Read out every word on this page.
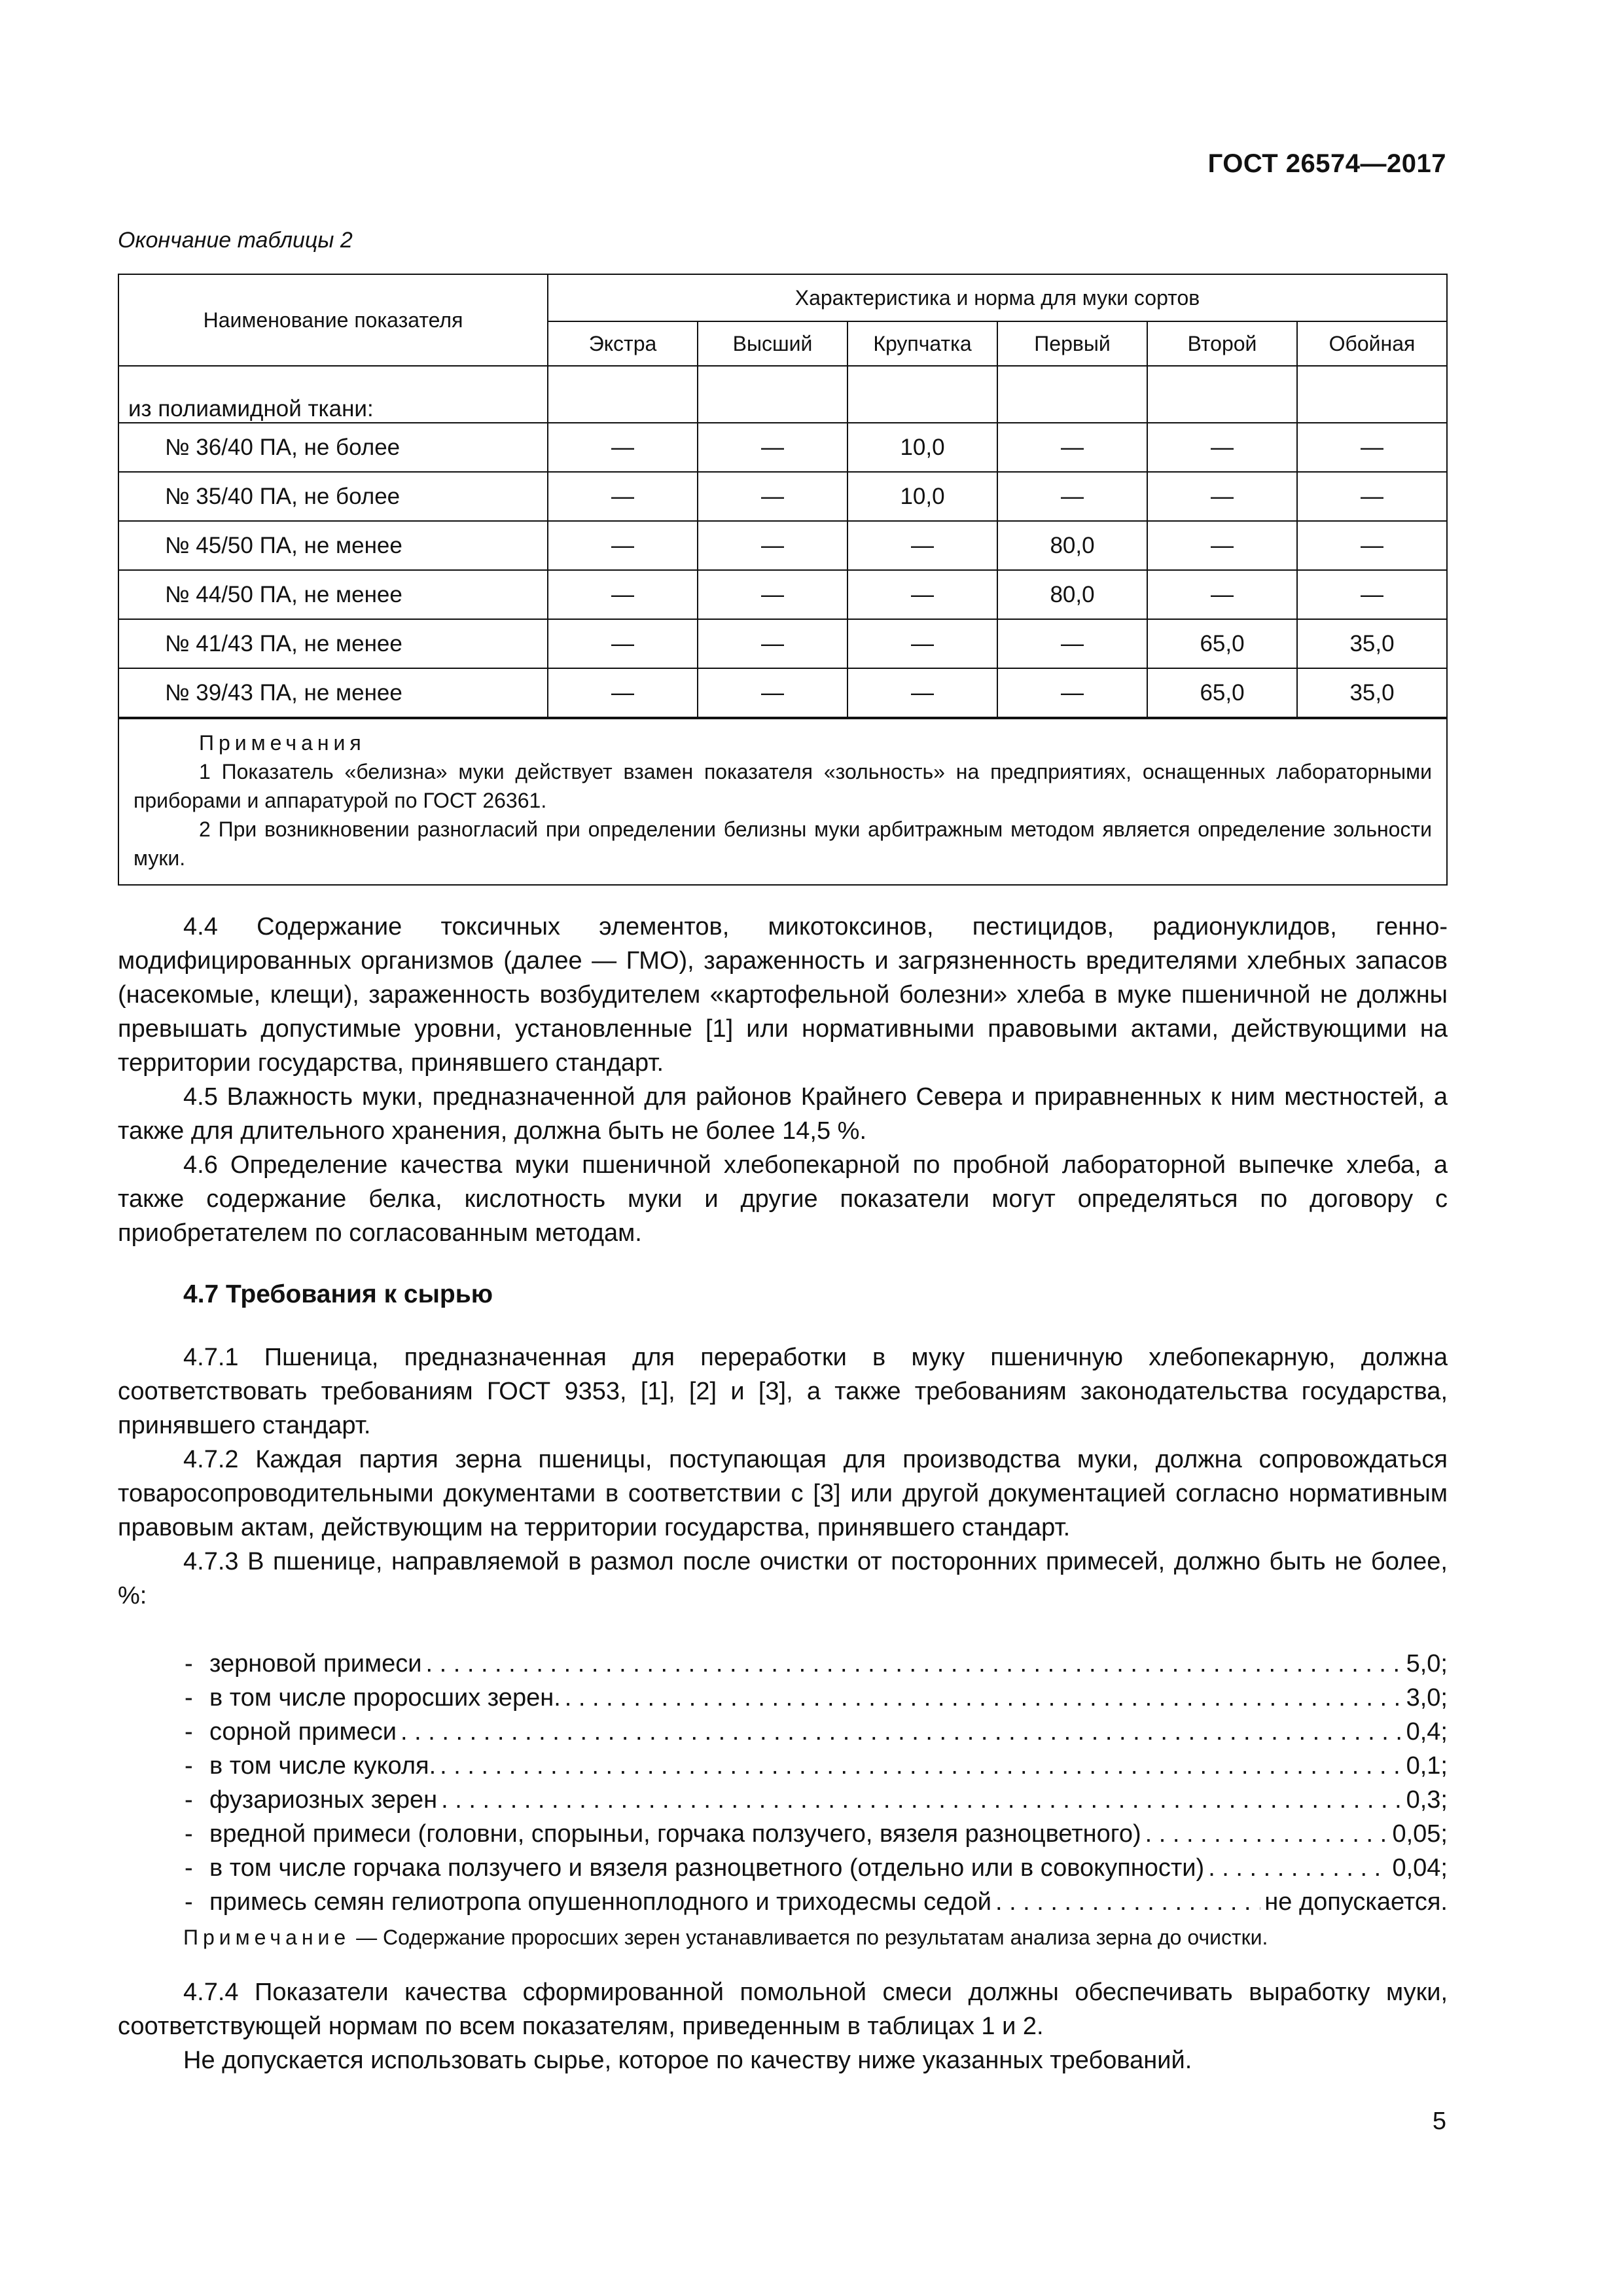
ГОСТ 26574—2017
Окончание таблицы 2
Наименование показателя	Характеристика и норма для муки сортов					
	Экстра	Высший	Крупчатка	Первый	Второй	Обойная
из полиамидной ткани:						
№ 36/40 ПА, не более	—	—	10,0	—	—	—
№ 35/40 ПА, не более	—	—	10,0	—	—	—
№ 45/50 ПА, не менее	—	—	—	80,0	—	—
№ 44/50 ПА, не менее	—	—	—	80,0	—	—
№ 41/43 ПА, не менее	—	—	—	—	65,0	35,0
№ 39/43 ПА, не менее	—	—	—	—	65,0	35,0

Примечания

1 Показатель «белизна» муки действует взамен показателя «зольность» на предприятиях, оснащенных лабораторными приборами и аппаратурой по ГОСТ 26361.

2 При возникновении разногласий при определении белизны муки арбитражным методом является определение зольности муки.						

4.4 Содержание токсичных элементов, микотоксинов, пестицидов, радионуклидов, генно-модифицированных организмов (далее — ГМО), зараженность и загрязненность вредителями хлебных запасов (насекомые, клещи), зараженность возбудителем «картофельной болезни» хлеба в муке пшеничной не должны превышать допустимые уровни, установленные [1] или нормативными правовыми актами, действующими на территории государства, принявшего стандарт.

4.5 Влажность муки, предназначенной для районов Крайнего Севера и приравненных к ним местностей, а также для длительного хранения, должна быть не более 14,5 %.

4.6 Определение качества муки пшеничной хлебопекарной по пробной лабораторной выпечке хлеба, а также содержание белка, кислотность муки и другие показатели могут определяться по договору с приобретателем по согласованным методам.

4.7 Требования к сырью

4.7.1 Пшеница, предназначенная для переработки в муку пшеничную хлебопекарную, должна соответствовать требованиям ГОСТ 9353, [1], [2] и [3], а также требованиям законодательства государства, принявшего стандарт.

4.7.2 Каждая партия зерна пшеницы, поступающая для производства муки, должна сопровождаться товаросопроводительными документами в соответствии с [3] или другой документацией согласно нормативным правовым актам, действующим на территории государства, принявшего стандарт.

4.7.3 В пшенице, направляемой в размол после очистки от посторонних примесей, должно быть не более, %:

- зерновой примеси . . .	5,0;
- в том числе проросших зерен. . . .	3,0;
- сорной примеси . . .	0,4;
- в том числе куколя. . . .	0,1;
- фузариозных зерен . . .	0,3;
- вредной примеси (головни, спорыньи, горчака ползучего, вязеля разноцветного) . . .	0,05;
- в том числе горчака ползучего и вязеля разноцветного (отдельно или в совокупности) . . .	0,04;
- примесь семян гелиотропа опушеннoплодного и триходесмы седой . . .	не допускается.
Примечание — Содержание проросших зерен устанавливается по результатам анализа зерна до очистки.

4.7.4 Показатели качества сформированной помольной смеси должны обеспечивать выработку муки, соответствующей нормам по всем показателям, приведенным в таблицах 1 и 2.

Не допускается использовать сырье, которое по качеству ниже указанных требований.

5
